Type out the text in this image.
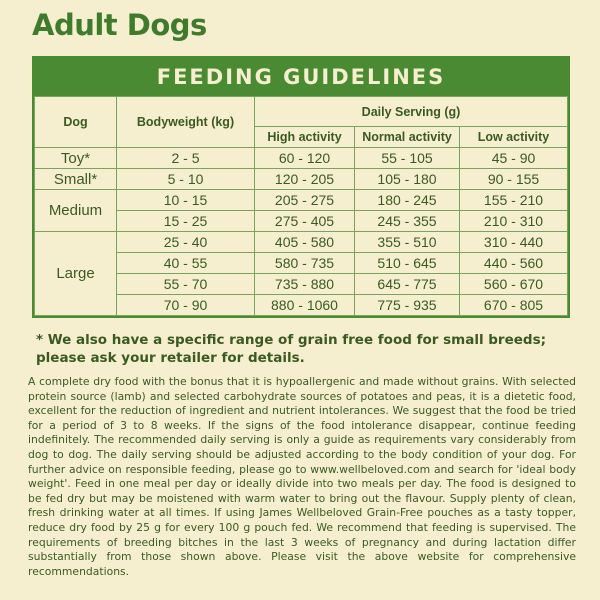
Adult Dogs
FEEDING GUIDELINES
Dog	Bodyweight (kg)	Daily Serving (g)		
		High activity	Normal activity	Low activity
Toy*	2 - 5	60 - 120	55 - 105	45 - 90
Small*	5 - 10	120 - 205	105 - 180	90 - 155
Medium	10 - 15	205 - 275	180 - 245	155 - 210
	15 - 25	275 - 405	245 - 355	210 - 310
Large	25 - 40	405 - 580	355 - 510	310 - 440
	40 - 55	580 - 735	510 - 645	440 - 560
	55 - 70	735 - 880	645 - 775	560 - 670
	70 - 90	880 - 1060	775 - 935	670 - 805
* We also have a specific range of grain free food for small breeds; please ask your retailer for details.
A complete dry food with the bonus that it is hypoallergenic and made without grains. With selected protein source (lamb) and selected carbohydrate sources of potatoes and peas, it is a dietetic food, excellent for the reduction of ingredient and nutrient intolerances. We suggest that the food be tried for a period of 3 to 8 weeks. If the signs of the food intolerance disappear, continue feeding indefinitely. The recommended daily serving is only a guide as requirements vary considerably from dog to dog. The daily serving should be adjusted according to the body condition of your dog. For further advice on responsible feeding, please go to www.wellbeloved.com and search for 'ideal body weight'. Feed in one meal per day or ideally divide into two meals per day. The food is designed to be fed dry but may be moistened with warm water to bring out the flavour. Supply plenty of clean, fresh drinking water at all times. If using James Wellbeloved Grain-Free pouches as a tasty topper, reduce dry food by 25 g for every 100 g pouch fed. We recommend that feeding is supervised. The requirements of breeding bitches in the last 3 weeks of pregnancy and during lactation differ substantially from those shown above. Please visit the above website for comprehensive recommendations.
